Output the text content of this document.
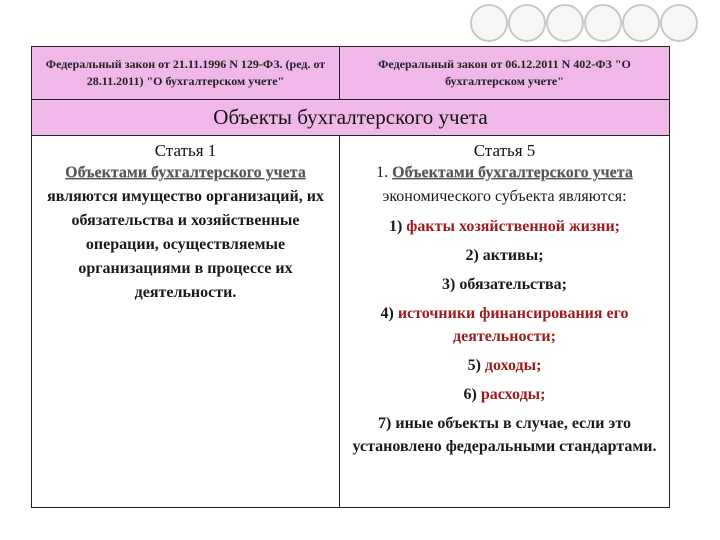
Федеральный закон от 21.11.1996 N 129-ФЗ. (ред. от 28.11.2011) "О бухгалтерском учете"
Федеральный закон от 06.12.2011 N 402-ФЗ "О бухгалтерском учете"
Объекты бухгалтерского учета
Статья 1
Объектами бухгалтерского учета являются имущество организаций, их обязательства и хозяйственные операции, осуществляемые организациями в процессе их деятельности.
Статья 5
1. Объектами бухгалтерского учета экономического субъекта являются:
1) факты хозяйственной жизни;
2) активы;
3) обязательства;
4) источники финансирования его деятельности;
5) доходы;
6) расходы;
7) иные объекты в случае, если это установлено федеральными стандартами.
